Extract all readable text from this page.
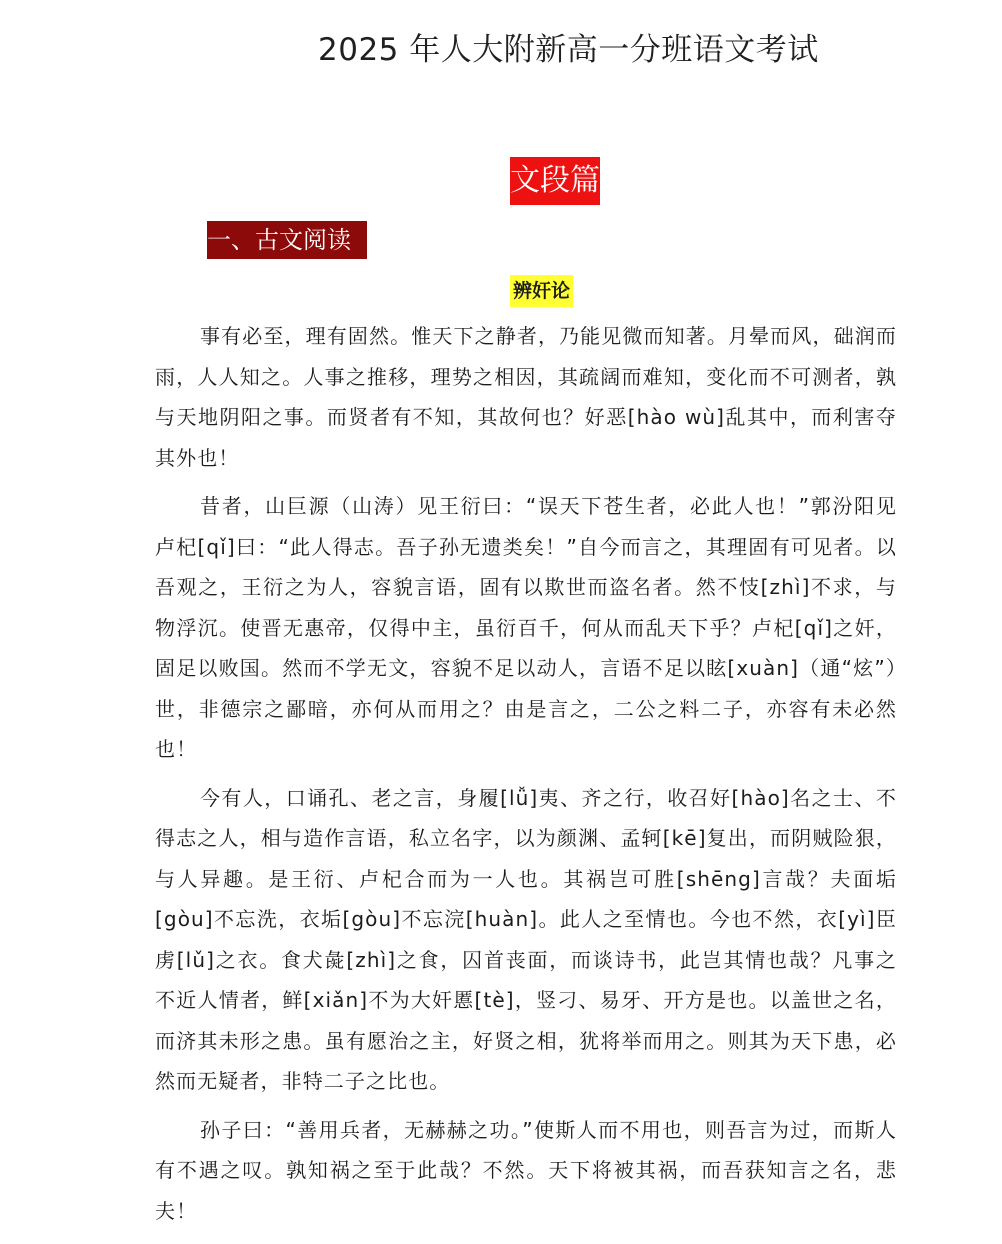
2025 年人大附新高一分班语文考试
文段篇
一、古文阅读
辨奸论

事有必至，理有固然。惟天下之静者，乃能见微而知著。月晕而风，础润而雨，人人知之。人事之推移，理势之相因，其疏阔而难知，变化而不可测者，孰与天地阴阳之事。而贤者有不知，其故何也？好恶[hào wù]乱其中，而利害夺其外也！

昔者，山巨源（山涛）见王衍曰：“误天下苍生者，必此人也！”郭汾阳见卢杞[qǐ]曰：“此人得志。吾子孙无遗类矣！”自今而言之，其理固有可见者。以吾观之，王衍之为人，容貌言语，固有以欺世而盗名者。然不忮[zhì]不求，与物浮沉。使晋无惠帝，仅得中主，虽衍百千，何从而乱天下乎？卢杞[qǐ]之奸，固足以败国。然而不学无文，容貌不足以动人，言语不足以眩[xuàn]（通“炫”）世，非德宗之鄙暗，亦何从而用之？由是言之，二公之料二子，亦容有未必然也！

今有人，口诵孔、老之言，身履[lǚ]夷、齐之行，收召好[hào]名之士、不得志之人，相与造作言语，私立名字，以为颜渊、孟轲[kē]复出，而阴贼险狠，与人异趣。是王衍、卢杞合而为一人也。其祸岂可胜[shēng]言哉？夫面垢[gòu]不忘洗，衣垢[gòu]不忘浣[huàn]。此人之至情也。今也不然，衣[yì]臣虏[lǔ]之衣。食犬彘[zhì]之食，囚首丧面，而谈诗书，此岂其情也哉？凡事之不近人情者，鲜[xiǎn]不为大奸慝[tè]，竖刁、易牙、开方是也。以盖世之名，而济其未形之患。虽有愿治之主，好贤之相，犹将举而用之。则其为天下患，必然而无疑者，非特二子之比也。

孙子曰：“善用兵者，无赫赫之功。”使斯人而不用也，则吾言为过，而斯人有不遇之叹。孰知祸之至于此哉？不然。天下将被其祸，而吾获知言之名，悲夫！
